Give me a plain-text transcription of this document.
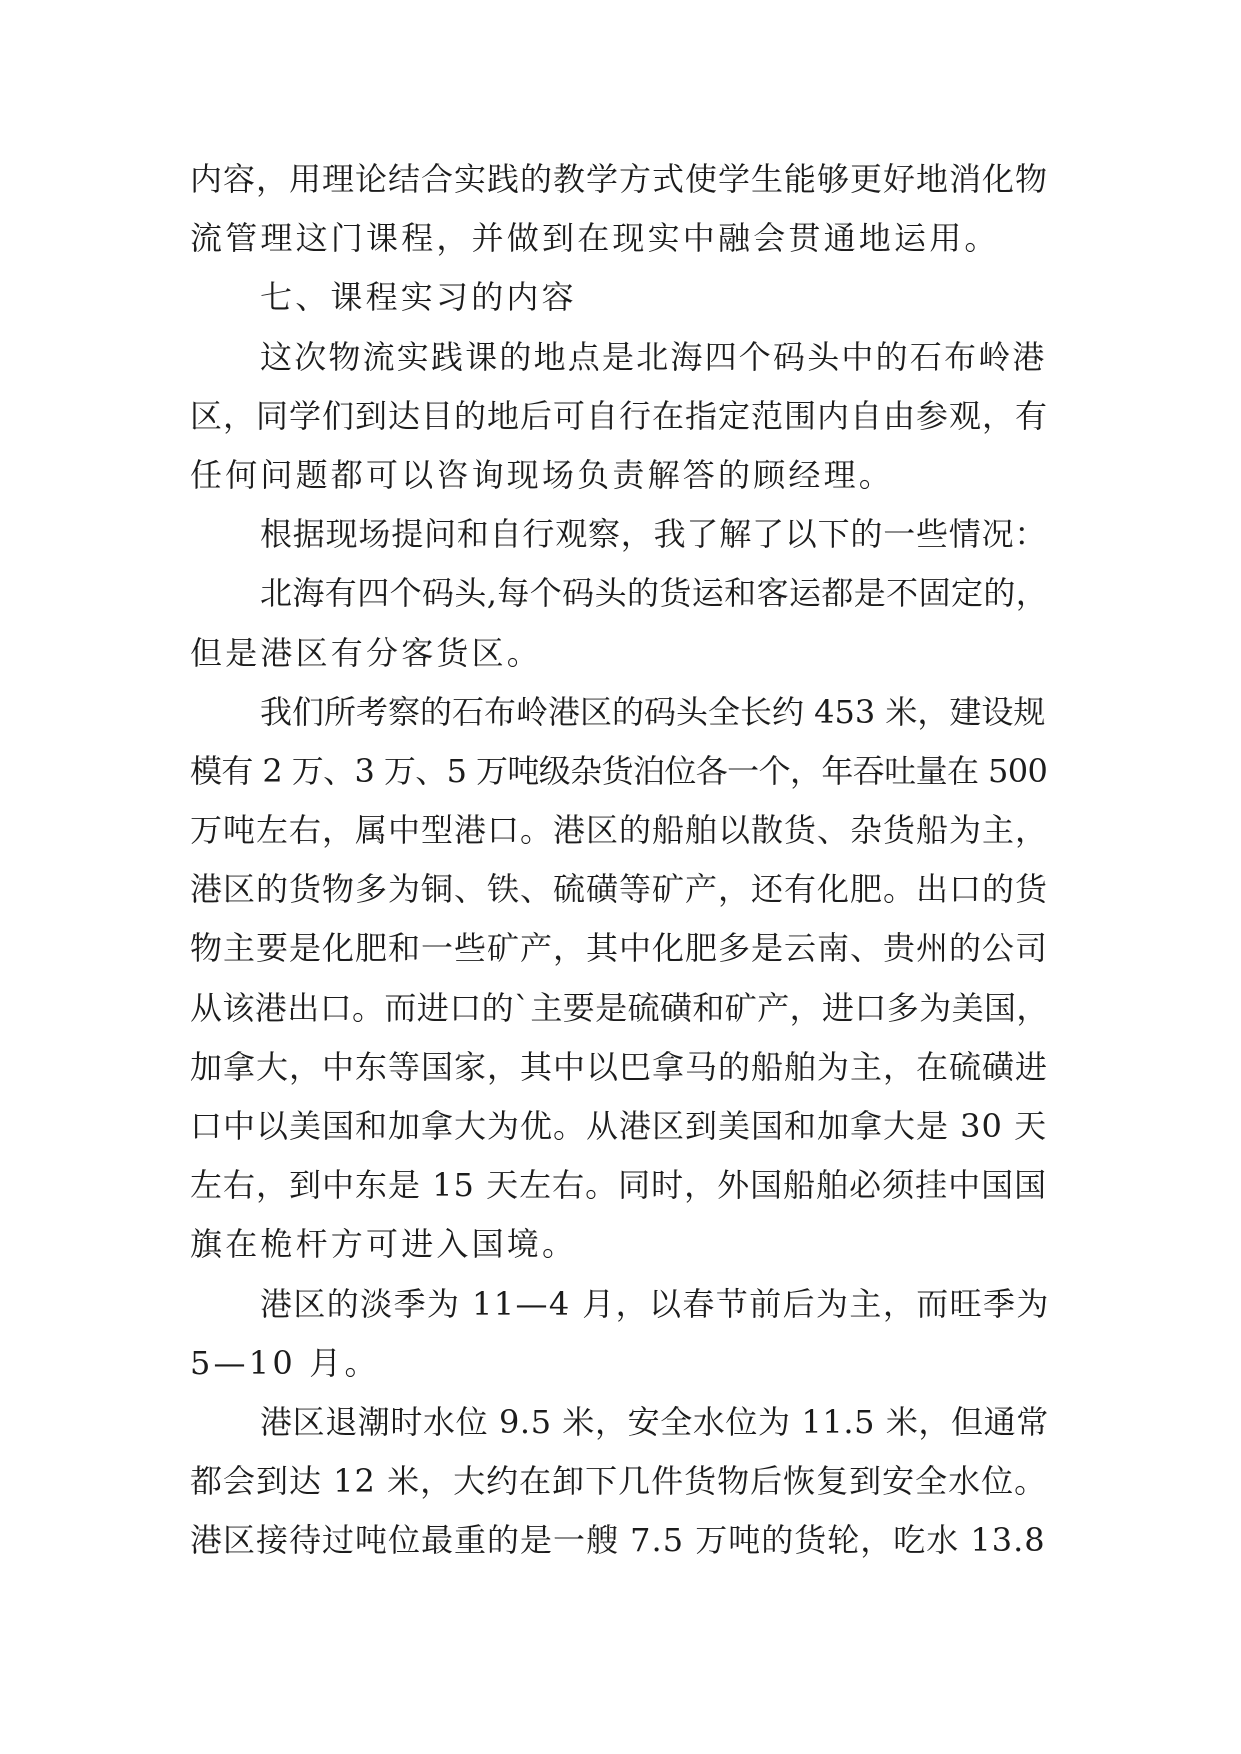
内容，用理论结合实践的教学方式使学生能够更好地消化物
流管理这门课程，并做到在现实中融会贯通地运用。
七、课程实习的内容
这次物流实践课的地点是北海四个码头中的石布岭港
区，同学们到达目的地后可自行在指定范围内自由参观，有
任何问题都可以咨询现场负责解答的顾经理。
根据现场提问和自行观察，我了解了以下的一些情况：
北海有四个码头,每个码头的货运和客运都是不固定的，
但是港区有分客货区。
我们所考察的石布岭港区的码头全长约 453 米，建设规
模有 2 万、3 万、5 万吨级杂货泊位各一个，年吞吐量在 500
万吨左右，属中型港口。港区的船舶以散货、杂货船为主，
港区的货物多为铜、铁、硫磺等矿产，还有化肥。出口的货
物主要是化肥和一些矿产，其中化肥多是云南、贵州的公司
从该港出口。而进口的`主要是硫磺和矿产，进口多为美国，
加拿大，中东等国家，其中以巴拿马的船舶为主，在硫磺进
口中以美国和加拿大为优。从港区到美国和加拿大是 30 天
左右，到中东是 15 天左右。同时，外国船舶必须挂中国国
旗在桅杆方可进入国境。
港区的淡季为 11—4 月，以春节前后为主，而旺季为
5—10 月。
港区退潮时水位 9.5 米，安全水位为 11.5 米，但通常
都会到达 12 米，大约在卸下几件货物后恢复到安全水位。
港区接待过吨位最重的是一艘 7.5 万吨的货轮，吃水 13.8
